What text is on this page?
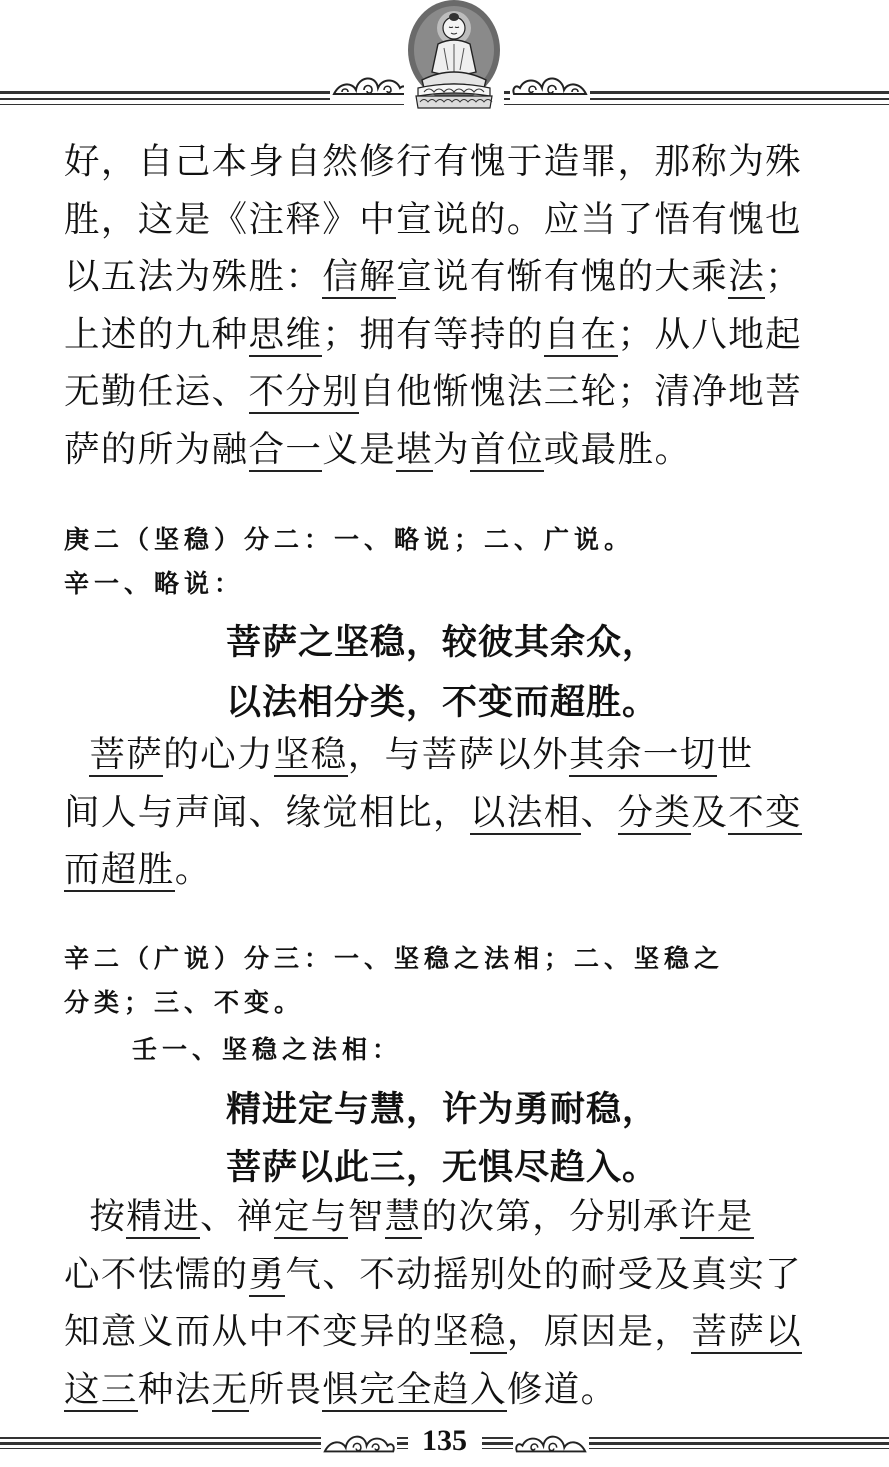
好，自己本身自然修行有愧于造罪，那称为殊
胜，这是《注释》中宣说的。应当了悟有愧也
以五法为殊胜：信解宣说有惭有愧的大乘法；
上述的九种思维；拥有等持的自在；从八地起
无勤任运、不分别自他惭愧法三轮；清净地菩
萨的所为融合一义是堪为首位或最胜。

庚二（坚稳）分二：一、略说；二、广说。

辛一、略说：

菩萨之坚稳，较彼其余众，

以法相分类，不变而超胜。

菩萨的心力坚稳，与菩萨以外其余一切世
间人与声闻、缘觉相比，以法相、分类及不变
而超胜。

辛二（广说）分三：一、坚稳之法相；二、坚稳之

分类；三、不变。

壬一、坚稳之法相：

精进定与慧，许为勇耐稳，

菩萨以此三，无惧尽趋入。

按精进、禅定与智慧的次第，分别承许是
心不怯懦的勇气、不动摇别处的耐受及真实了
知意义而从中不变异的坚稳，原因是，菩萨以
这三种法无所畏惧完全趋入修道。

135
